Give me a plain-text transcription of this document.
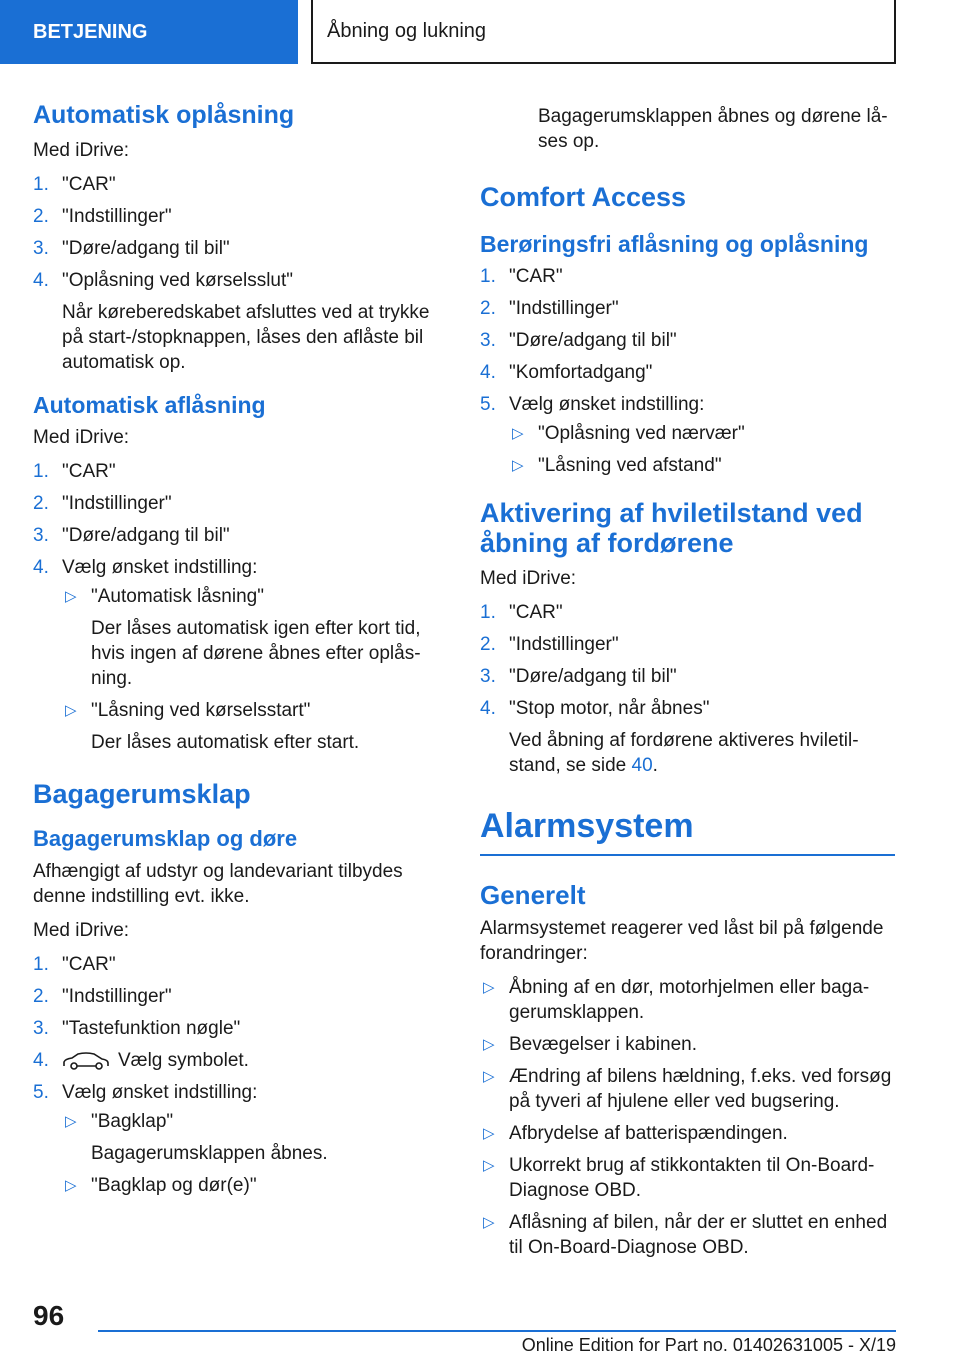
BETJENING	Åbning og lukning
Automatisk oplåsning

Med iDrive:

1. "CAR"
2. "Indstillinger"
3. "Døre/adgang til bil"
4. "Oplåsning ved kørselsslut"
Når køreberedskabet afsluttes ved at trykke på start-/stopknappen, låses den aflåste bil automatisk op.
Automatisk aflåsning

Med iDrive:

1. "CAR"
2. "Indstillinger"
3. "Døre/adgang til bil"
4. Vælg ønsket indstilling:
▷ "Automatisk låsning"
Der låses automatisk igen efter kort tid, hvis ingen af dørene åbnes efter oplåsning.
▷ "Låsning ved kørselsstart"
Der låses automatisk efter start.
Bagagerumsklap
Bagagerumsklap og døre

Afhængigt af udstyr og landevariant tilbydes denne indstilling evt. ikke.

Med iDrive:

1. "CAR"
2. "Indstillinger"
3. "Tastefunktion nøgle"
4.	Vælg symbolet.
5. Vælg ønsket indstilling:
▷ "Bagklap"
Bagagerumsklappen åbnes.
▷ "Bagklap og dør(e)"

Bagagerumsklappen åbnes og dørene låses op.

Comfort Access
Berøringsfri aflåsning og oplåsning
1. "CAR"
2. "Indstillinger"
3. "Døre/adgang til bil"
4. "Komfortadgang"
5. Vælg ønsket indstilling:
▷ "Oplåsning ved nærvær"
▷ "Låsning ved afstand"
Aktivering af hviletilstand ved åbning af fordørene

Med iDrive:

1. "CAR"
2. "Indstillinger"
3. "Døre/adgang til bil"
4. "Stop motor, når åbnes"
Ved åbning af fordørene aktiveres hviletilstand, se side 40.
Alarmsystem
Generelt

Alarmsystemet reagerer ved låst bil på følgende forandringer:

▷ Åbning af en dør, motorhjelmen eller bagagerumsklappen.
▷ Bevægelser i kabinen.
▷ Ændring af bilens hældning, f.eks. ved forsøg på tyveri af hjulene eller ved bugsering.
▷ Afbrydelse af batterispændingen.
▷ Ukorrekt brug af stikkontakten til On-Board-Diagnose OBD.
▷ Aflåsning af bilen, når der er sluttet en enhed til On-Board-Diagnose OBD.
96
Online Edition for Part no. 01402631005 - X/19
